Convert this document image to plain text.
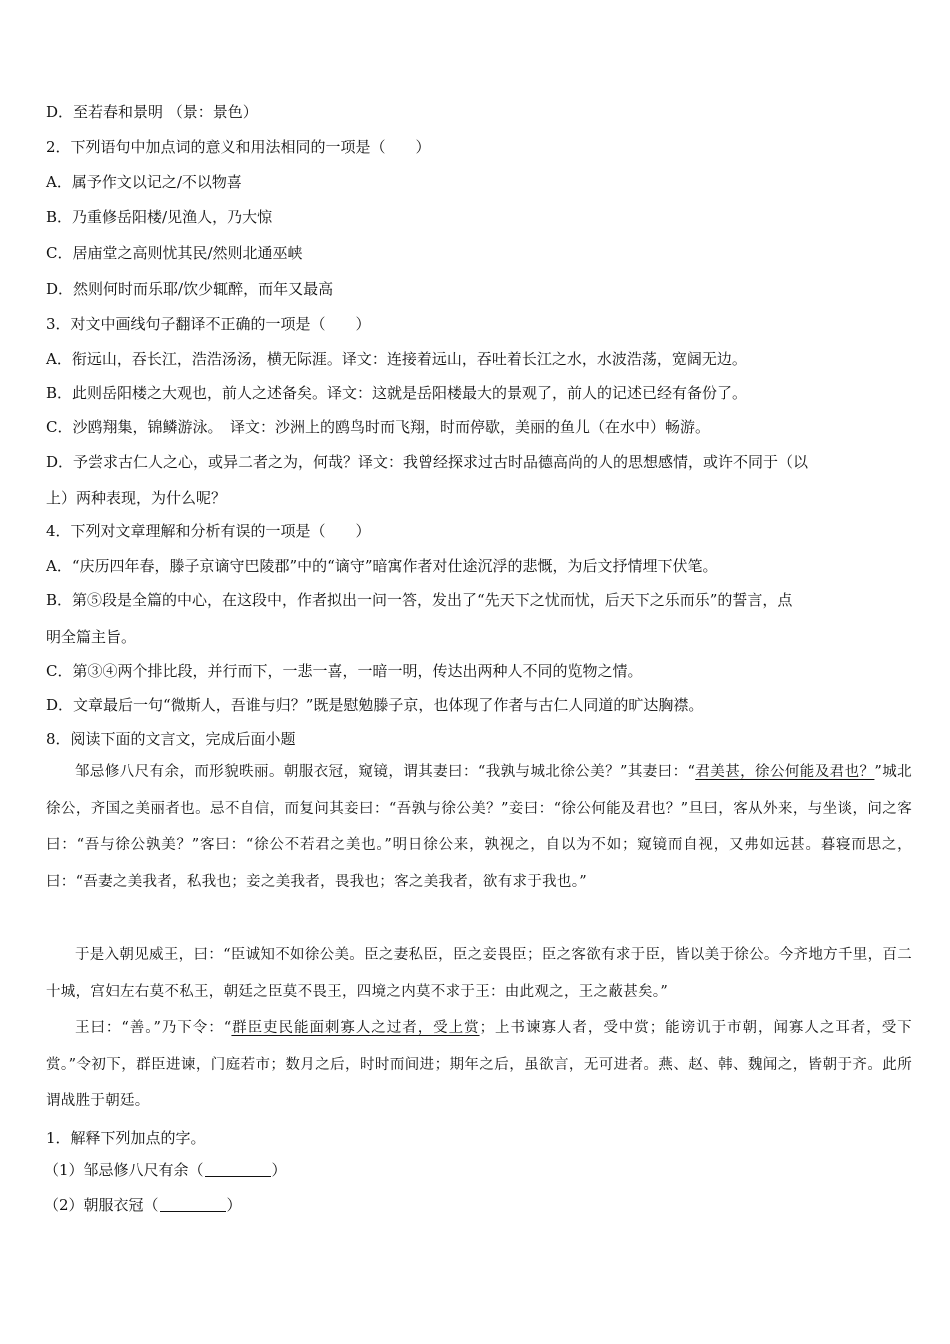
D．至若春和景明 （景：景色）
2．下列语句中加点词的意义和用法相同的一项是（　　）
A．属予作文以记之/不以物喜
B．乃重修岳阳楼/见渔人，乃大惊
C．居庙堂之高则忧其民/然则北通巫峡
D．然则何时而乐耶/饮少辄醉，而年又最高
3．对文中画线句子翻译不正确的一项是（　　）
A．衔远山，吞长江，浩浩汤汤，横无际涯。译文：连接着远山，吞吐着长江之水，水波浩荡，宽阔无边。
B．此则岳阳楼之大观也，前人之述备矣。译文：这就是岳阳楼最大的景观了，前人的记述已经有备份了。
C．沙鸥翔集，锦鳞游泳。　译文：沙洲上的鸥鸟时而飞翔，时而停歇，美丽的鱼儿（在水中）畅游。
D．予尝求古仁人之心，或异二者之为，何哉？译文：我曾经探求过古时品德高尚的人的思想感情，或许不同于（以
上）两种表现，为什么呢？
4．下列对文章理解和分析有误的一项是（　　）
A．“庆历四年春，滕子京谪守巴陵郡”中的“谪守”暗寓作者对仕途沉浮的悲慨，为后文抒情埋下伏笔。
B．第⑤段是全篇的中心，在这段中，作者拟出一问一答，发出了“先天下之忧而忧，后天下之乐而乐”的誓言，点
明全篇主旨。
C．第③④两个排比段，并行而下，一悲一喜，一暗一明，传达出两种人不同的览物之情。
D．文章最后一句“微斯人，吾谁与归？”既是慰勉滕子京，也体现了作者与古仁人同道的旷达胸襟。
8．阅读下面的文言文，完成后面小题

邹忌修八尺有余，而形貌昳丽。朝服衣冠，窥镜，谓其妻曰：“我孰与城北徐公美？”其妻曰：“君美甚，徐公何能及君也？”城北徐公，齐国之美丽者也。忌不自信，而复问其妾曰：“吾孰与徐公美？”妾曰：“徐公何能及君也？”旦曰，客从外来，与坐谈，问之客曰：“吾与徐公孰美？”客曰：“徐公不若君之美也。”明日徐公来，孰视之，自以为不如；窥镜而自视，又弗如远甚。暮寝而思之，曰：“吾妻之美我者，私我也；妾之美我者，畏我也；客之美我者，欲有求于我也。”

于是入朝见威王，曰：“臣诚知不如徐公美。臣之妻私臣，臣之妾畏臣；臣之客欲有求于臣，皆以美于徐公。今齐地方千里，百二十城，宫妇左右莫不私王，朝廷之臣莫不畏王，四境之内莫不求于王：由此观之，王之蔽甚矣。”

王曰：“善。”乃下令：“群臣吏民能面刺寡人之过者，受上赏；上书谏寡人者，受中赏；能谤讥于市朝，闻寡人之耳者，受下赏。”令初下，群臣进谏，门庭若市；数月之后，时时而间进；期年之后，虽欲言，无可进者。燕、赵、韩、魏闻之，皆朝于齐。此所谓战胜于朝廷。

1．解释下列加点的字。
（1）邹忌修八尺有余（	）
（2）朝服衣冠（	）
